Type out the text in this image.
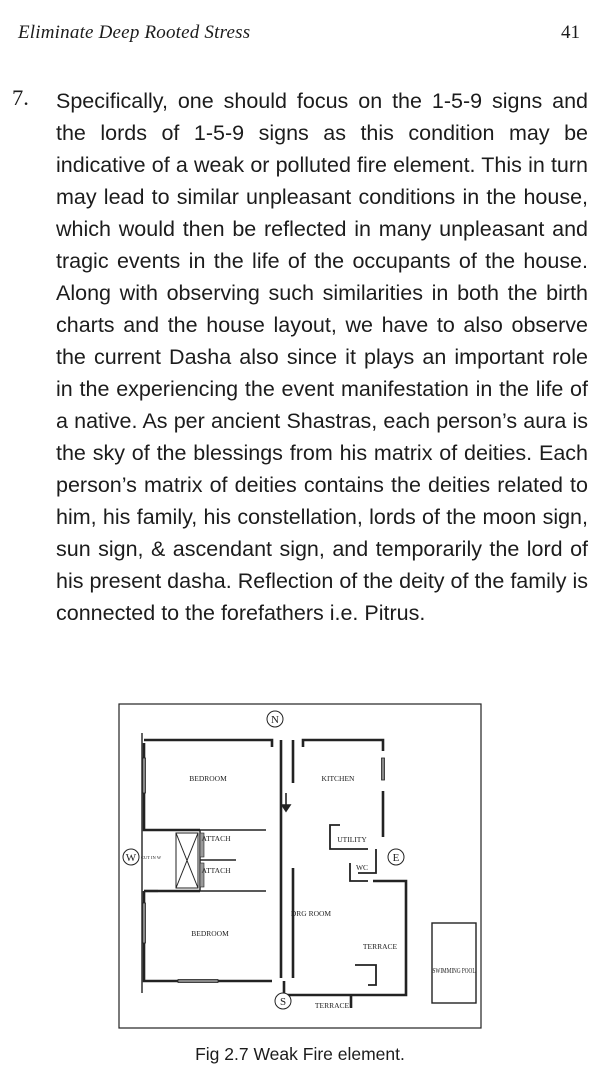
Eliminate Deep Rooted Stress	41
7. Specifically, one should focus on the 1-5-9 signs and the lords of 1-5-9 signs as this condition may be indicative of a weak or polluted fire element. This in turn may lead to similar unpleasant conditions in the house, which would then be reflected in many unpleasant and tragic events in the life of the occupants of the house. Along with observing such similarities in both the birth charts and the house layout, we have to also observe the current Dasha also since it plays an important role in the experiencing the event manifestation in the life of a native. As per ancient Shastras, each person’s aura is the sky of the blessings from his matrix of deities. Each person’s matrix of deities contains the deities related to him, his family, his constellation, lords of the moon sign, sun sign, & ascendant sign, and temporarily the lord of his present dasha. Reflection of the deity of the family is connected to the forefathers i.e. Pitrus.

N
W	E
S
CUT IN W
BEDROOM	KITCHEN
ATTACH
ATTACH
UTILITY
WC
DRG ROOM
BEDROOM
TERRACE
TERRACE
SWIMMING POOL
Fig 2.7 Weak Fire element.
